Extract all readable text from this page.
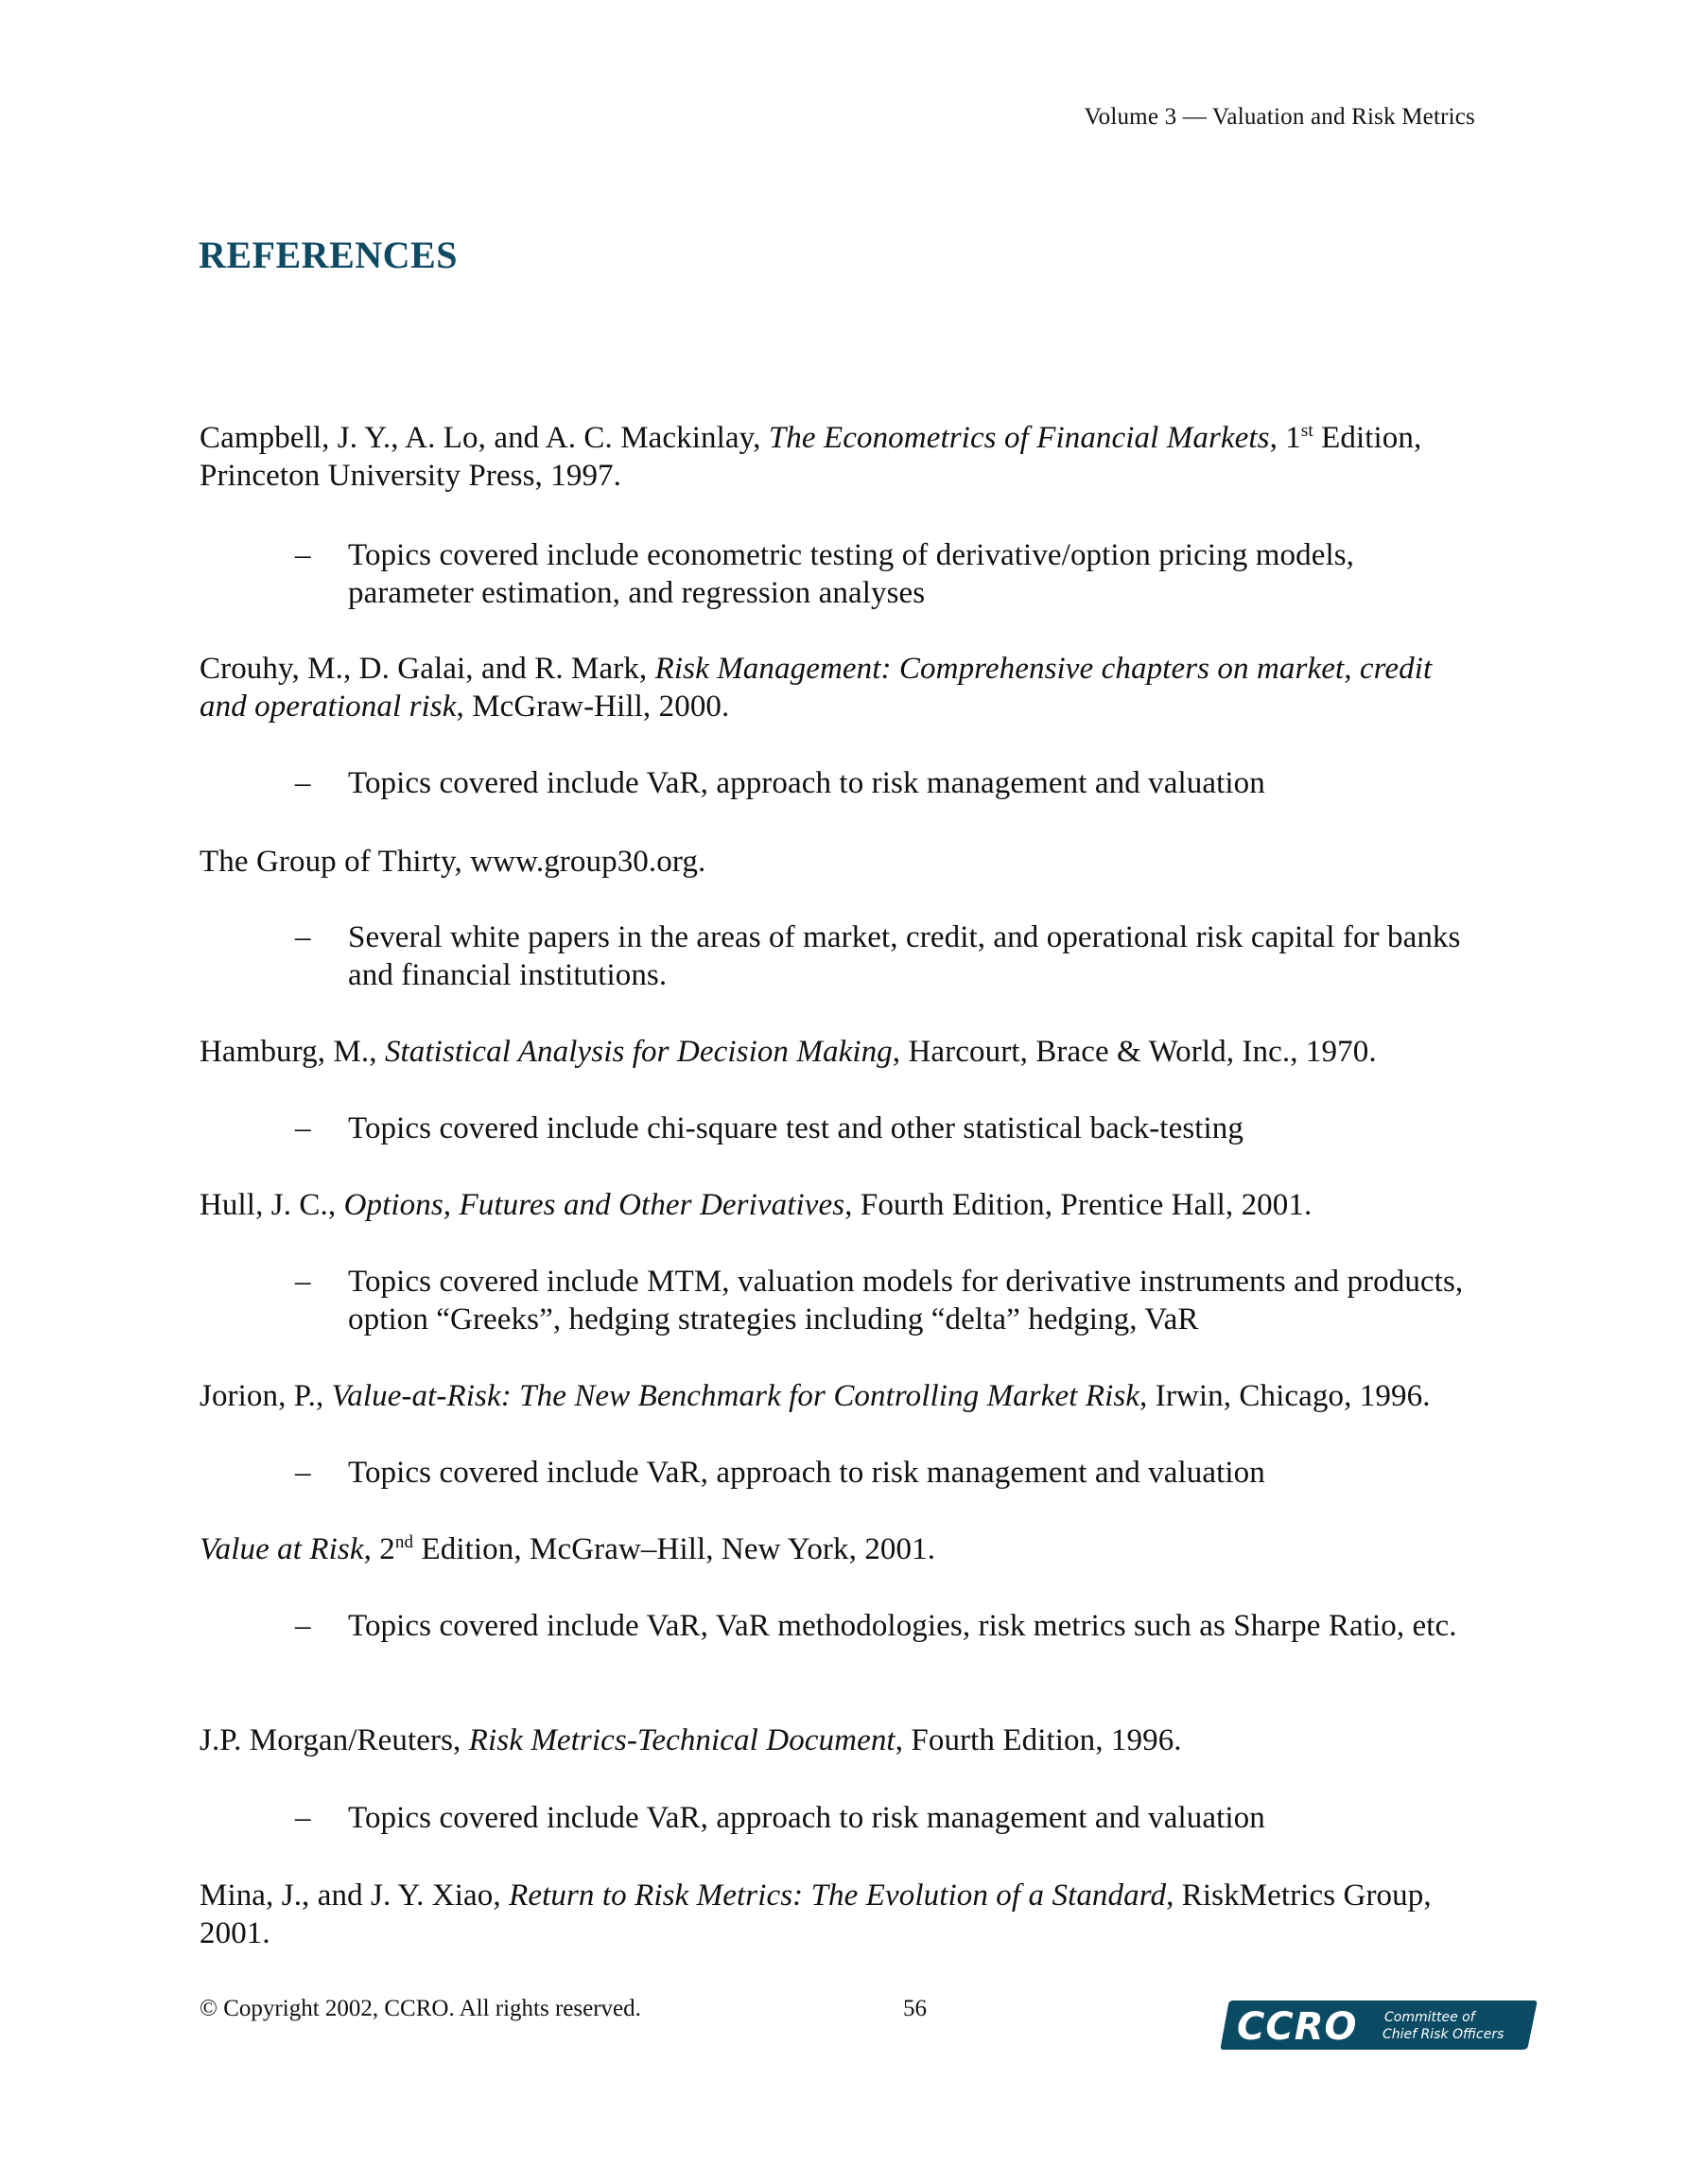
Volume 3 — Valuation and Risk Metrics
REFERENCES
Campbell, J. Y., A. Lo, and A. C. Mackinlay, The Econometrics of Financial Markets, 1st Edition, Princeton University Press, 1997.
– Topics covered include econometric testing of derivative/option pricing models, parameter estimation, and regression analyses
Crouhy, M., D. Galai, and R. Mark, Risk Management: Comprehensive chapters on market, credit and operational risk, McGraw-Hill, 2000.
– Topics covered include VaR, approach to risk management and valuation
The Group of Thirty, www.group30.org.
– Several white papers in the areas of market, credit, and operational risk capital for banks and financial institutions.
Hamburg, M., Statistical Analysis for Decision Making, Harcourt, Brace & World, Inc., 1970.
– Topics covered include chi-square test and other statistical back-testing
Hull, J. C., Options, Futures and Other Derivatives, Fourth Edition, Prentice Hall, 2001.
– Topics covered include MTM, valuation models for derivative instruments and products, option “Greeks”, hedging strategies including “delta” hedging, VaR
Jorion, P., Value-at-Risk: The New Benchmark for Controlling Market Risk, Irwin, Chicago, 1996.
– Topics covered include VaR, approach to risk management and valuation
Value at Risk, 2nd Edition, McGraw–Hill, New York, 2001.
– Topics covered include VaR, VaR methodologies, risk metrics such as Sharpe Ratio, etc.
J.P. Morgan/Reuters, Risk Metrics-Technical Document, Fourth Edition, 1996.
– Topics covered include VaR, approach to risk management and valuation
Mina, J., and J. Y. Xiao, Return to Risk Metrics: The Evolution of a Standard, RiskMetrics Group, 2001.
© Copyright 2002, CCRO. All rights reserved.	56	CCRO Committee of
Chief Risk Officers
